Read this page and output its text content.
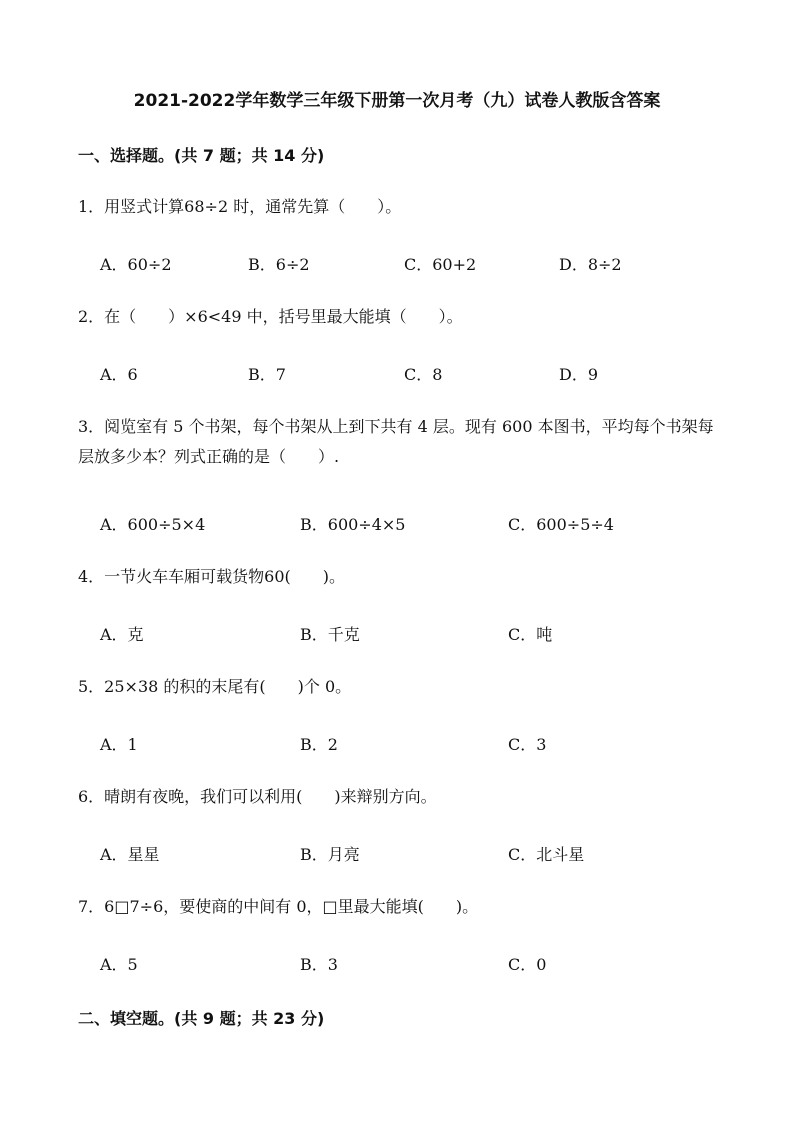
2021-2022学年数学三年级下册第一次月考（九）试卷人教版含答案

一、选择题。(共 7 题；共 14 分)

1．用竖式计算68÷2 时，通常先算（　　）。

A．60÷2	B．6÷2	C．60+2	D．8÷2

2．在（　　）×6<49 中，括号里最大能填（　　）。

A．6	B．7	C．8	D．9

3．阅览室有 5 个书架，每个书架从上到下共有 4 层。现有 600 本图书，平均每个书架每层放多少本？列式正确的是（　　）.

A．600÷5×4	B．600÷4×5	C．600÷5÷4

4．一节火车车厢可载货物60(　　)。

A．克	B．千克	C．吨

5．25×38 的积的末尾有(　　)个 0。

A．1	B．2	C．3

6．晴朗有夜晚，我们可以利用(　　)来辩别方向。

A．星星	B．月亮	C．北斗星

7．6□7÷6，要使商的中间有 0，□里最大能填(　　)。

A．5	B．3	C．0

二、填空题。(共 9 题；共 23 分)
